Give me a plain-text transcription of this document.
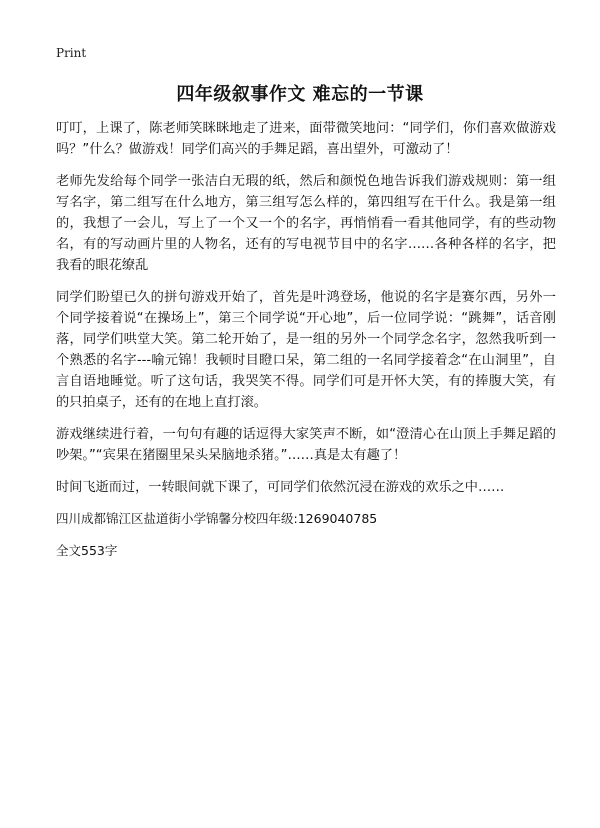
Print
四年级叙事作文 难忘的一节课

叮叮，上课了，陈老师笑眯眯地走了进来，面带微笑地问：“同学们，你们喜欢做游戏吗？”什么？做游戏！同学们高兴的手舞足蹈，喜出望外，可激动了！

老师先发给每个同学一张洁白无瑕的纸，然后和颜悦色地告诉我们游戏规则：第一组写名字，第二组写在什么地方，第三组写怎么样的，第四组写在干什么。我是第一组的，我想了一会儿，写上了一个又一个的名字，再悄悄看一看其他同学，有的些动物名，有的写动画片里的人物名，还有的写电视节目中的名字……各种各样的名字，把我看的眼花缭乱

同学们盼望已久的拼句游戏开始了，首先是叶鸿登场，他说的名字是赛尔西，另外一个同学接着说“在操场上”，第三个同学说“开心地”，后一位同学说：“跳舞”，话音刚落，同学们哄堂大笑。第二轮开始了，是一组的另外一个同学念名字，忽然我听到一个熟悉的名字---喻元锦！我顿时目瞪口呆，第二组的一名同学接着念“在山洞里”，自言自语地睡觉。听了这句话，我哭笑不得。同学们可是开怀大笑，有的捧腹大笑，有的只拍桌子，还有的在地上直打滚。

游戏继续进行着，一句句有趣的话逗得大家笑声不断，如“澄清心在山顶上手舞足蹈的吵架。”“宾果在猪圈里呆头呆脑地杀猪。”……真是太有趣了！

时间飞逝而过，一转眼间就下课了，可同学们依然沉浸在游戏的欢乐之中……

四川成都锦江区盐道街小学锦馨分校四年级:1269040785

全文553字
